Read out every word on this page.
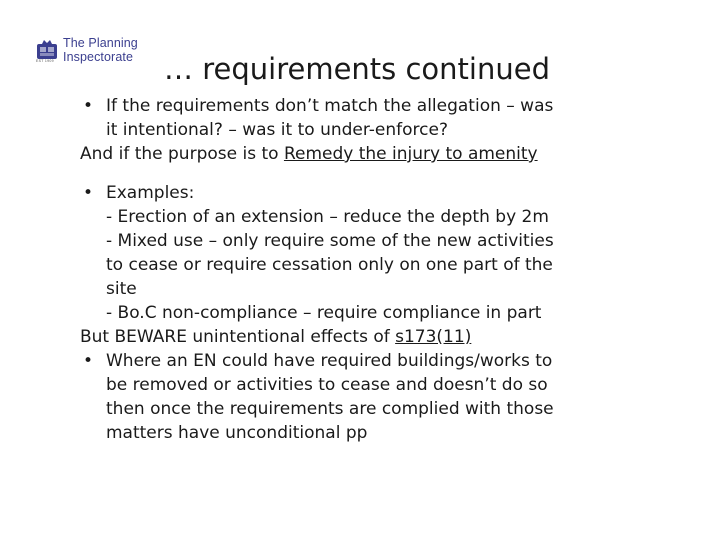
EST 1909
The Planning
Inspectorate … requirements continued
• If the requirements don’t match the allegation – was
it intentional? – was it to under-enforce?
And if the purpose is to Remedy the injury to amenity
• Examples:
- Erection of an extension – reduce the depth by 2m
- Mixed use – only require some of the new activities
to cease or require cessation only on one part of the
site
- Bo.C non-compliance – require compliance in part
But BEWARE unintentional effects of s173(11)
• Where an EN could have required buildings/works to
be removed or activities to cease and doesn’t do so
then once the requirements are complied with those
matters have unconditional pp
